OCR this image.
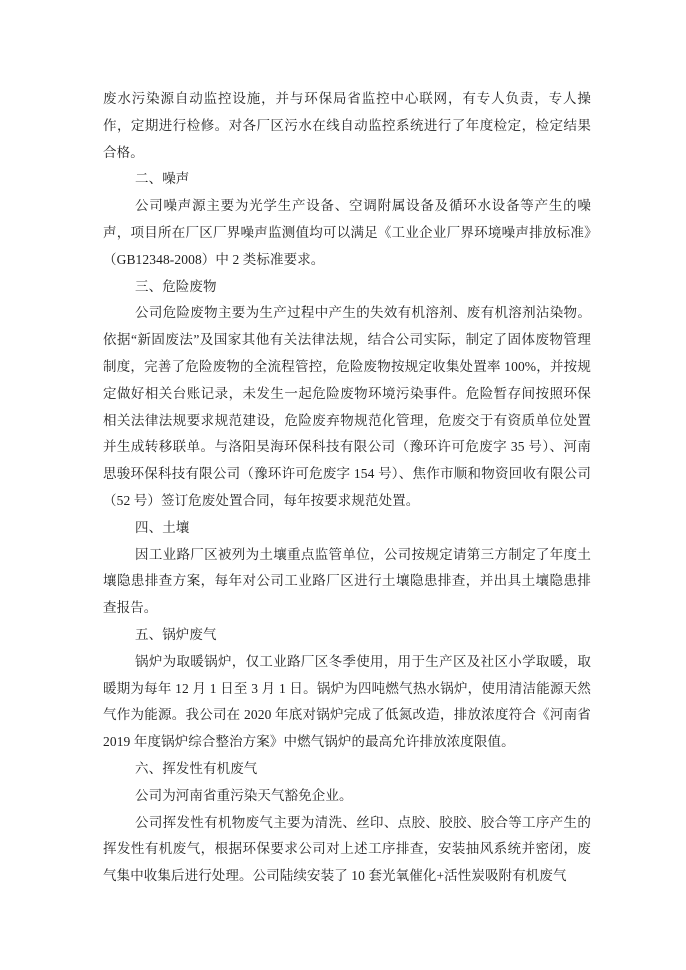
废水污染源自动监控设施，并与环保局省监控中心联网，有专人负责，专人操作，定期进行检修。对各厂区污水在线自动监控系统进行了年度检定，检定结果合格。

二、噪声

公司噪声源主要为光学生产设备、空调附属设备及循环水设备等产生的噪声，项目所在厂区厂界噪声监测值均可以满足《工业企业厂界环境噪声排放标准》（GB12348-2008）中 2 类标准要求。

三、危险废物

公司危险废物主要为生产过程中产生的失效有机溶剂、废有机溶剂沾染物。依据“新固废法”及国家其他有关法律法规，结合公司实际，制定了固体废物管理制度，完善了危险废物的全流程管控，危险废物按规定收集处置率 100%，并按规定做好相关台账记录，未发生一起危险废物环境污染事件。危险暂存间按照环保相关法律法规要求规范建设，危险废弃物规范化管理，危废交于有资质单位处置并生成转移联单。与洛阳昊海环保科技有限公司（豫环许可危废字 35 号）、河南思骏环保科技有限公司（豫环许可危废字 154 号）、焦作市顺和物资回收有限公司（52 号）签订危废处置合同，每年按要求规范处置。

四、土壤

因工业路厂区被列为土壤重点监管单位，公司按规定请第三方制定了年度土壤隐患排查方案，每年对公司工业路厂区进行土壤隐患排查，并出具土壤隐患排查报告。

五、锅炉废气

锅炉为取暖锅炉，仅工业路厂区冬季使用，用于生产区及社区小学取暖，取暖期为每年 12 月 1 日至 3 月 1 日。锅炉为四吨燃气热水锅炉，使用清洁能源天然气作为能源。我公司在 2020 年底对锅炉完成了低氮改造，排放浓度符合《河南省 2019 年度锅炉综合整治方案》中燃气锅炉的最高允许排放浓度限值。

六、挥发性有机废气

公司为河南省重污染天气豁免企业。

公司挥发性有机物废气主要为清洗、丝印、点胶、胶胶、胶合等工序产生的挥发性有机废气，根据环保要求公司对上述工序排查，安装抽风系统并密闭，废气集中收集后进行处理。公司陆续安装了 10 套光氧催化+活性炭吸附有机废气
